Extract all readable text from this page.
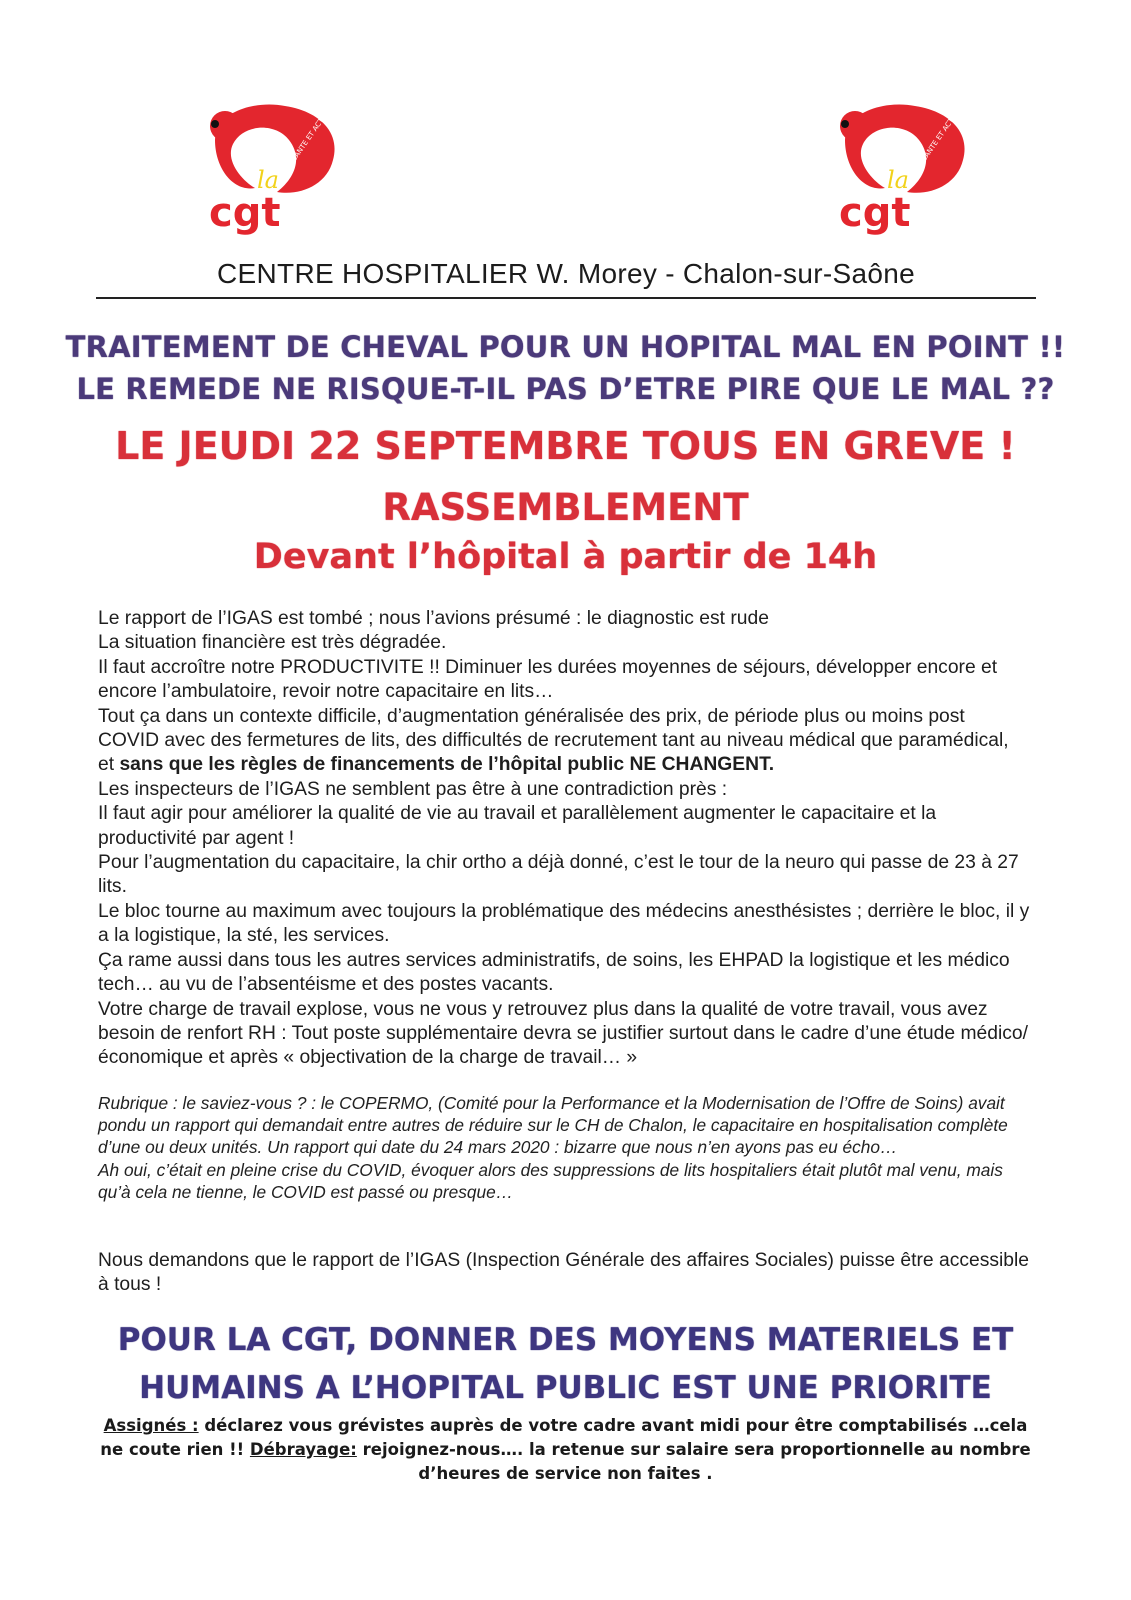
la
SANTE ET ACTION SOCIALE
cgt
la
SANTE ET ACTION SOCIALE
cgt
CENTRE HOSPITALIER W. Morey - Chalon-sur-Saône
TRAITEMENT DE CHEVAL POUR UN HOPITAL MAL EN POINT !!
LE REMEDE NE RISQUE-T-IL PAS D’ETRE PIRE QUE LE MAL ??
LE JEUDI 22 SEPTEMBRE TOUS EN GREVE !
RASSEMBLEMENT
Devant l’hôpital à partir de 14h

Le rapport de l’IGAS est tombé ; nous l’avions présumé : le diagnostic est rude

La situation financière est très dégradée.

Il faut accroître notre PRODUCTIVITE !! Diminuer les durées moyennes de séjours, développer encore et encore l’ambulatoire, revoir notre capacitaire en lits…

Tout ça dans un contexte difficile, d’augmentation généralisée des prix, de période plus ou moins post COVID avec des fermetures de lits, des difficultés de recrutement tant au niveau médical que paramédical, et sans que les règles de financements de l’hôpital public NE CHANGENT.

Les inspecteurs de l’IGAS ne semblent pas être à une contradiction près :

Il faut agir pour améliorer la qualité de vie au travail et parallèlement augmenter le capacitaire et la productivité par agent !

Pour l’augmentation du capacitaire, la chir ortho a déjà donné, c’est le tour de la neuro qui passe de 23 à 27 lits.

Le bloc tourne au maximum avec toujours la problématique des médecins anesthésistes ; derrière le bloc, il y a la logistique, la sté, les services.

Ça rame aussi dans tous les autres services administratifs, de soins, les EHPAD la logistique et les médico tech… au vu de l’absentéisme et des postes vacants.

Votre charge de travail explose, vous ne vous y retrouvez plus dans la qualité de votre travail, vous avez besoin de renfort RH : Tout poste supplémentaire devra se justifier surtout dans le cadre d’une étude médico/économique et après « objectivation de la charge de travail… »

Rubrique : le saviez-vous ? : le COPERMO, (Comité pour la Performance et la Modernisation de l’Offre de Soins) avait pondu un rapport qui demandait entre autres de réduire sur le CH de Chalon, le capacitaire en hospitalisation complète d’une ou deux unités. Un rapport qui date du 24 mars 2020 : bizarre que nous n’en ayons pas eu écho…

Ah oui, c’était en pleine crise du COVID, évoquer alors des suppressions de lits hospitaliers était plutôt mal venu, mais qu’à cela ne tienne, le COVID est passé ou presque…

Nous demandons que le rapport de l’IGAS (Inspection Générale des affaires Sociales) puisse être accessible à tous !
POUR LA CGT, DONNER DES MOYENS MATERIELS ET
HUMAINS A L’HOPITAL PUBLIC EST UNE PRIORITE
Assignés : déclarez vous grévistes auprès de votre cadre avant midi pour être comptabilisés …cela ne coute rien !! Débrayage: rejoignez-nous…. la retenue sur salaire sera proportionnelle au nombre d’heures de service non faites .
